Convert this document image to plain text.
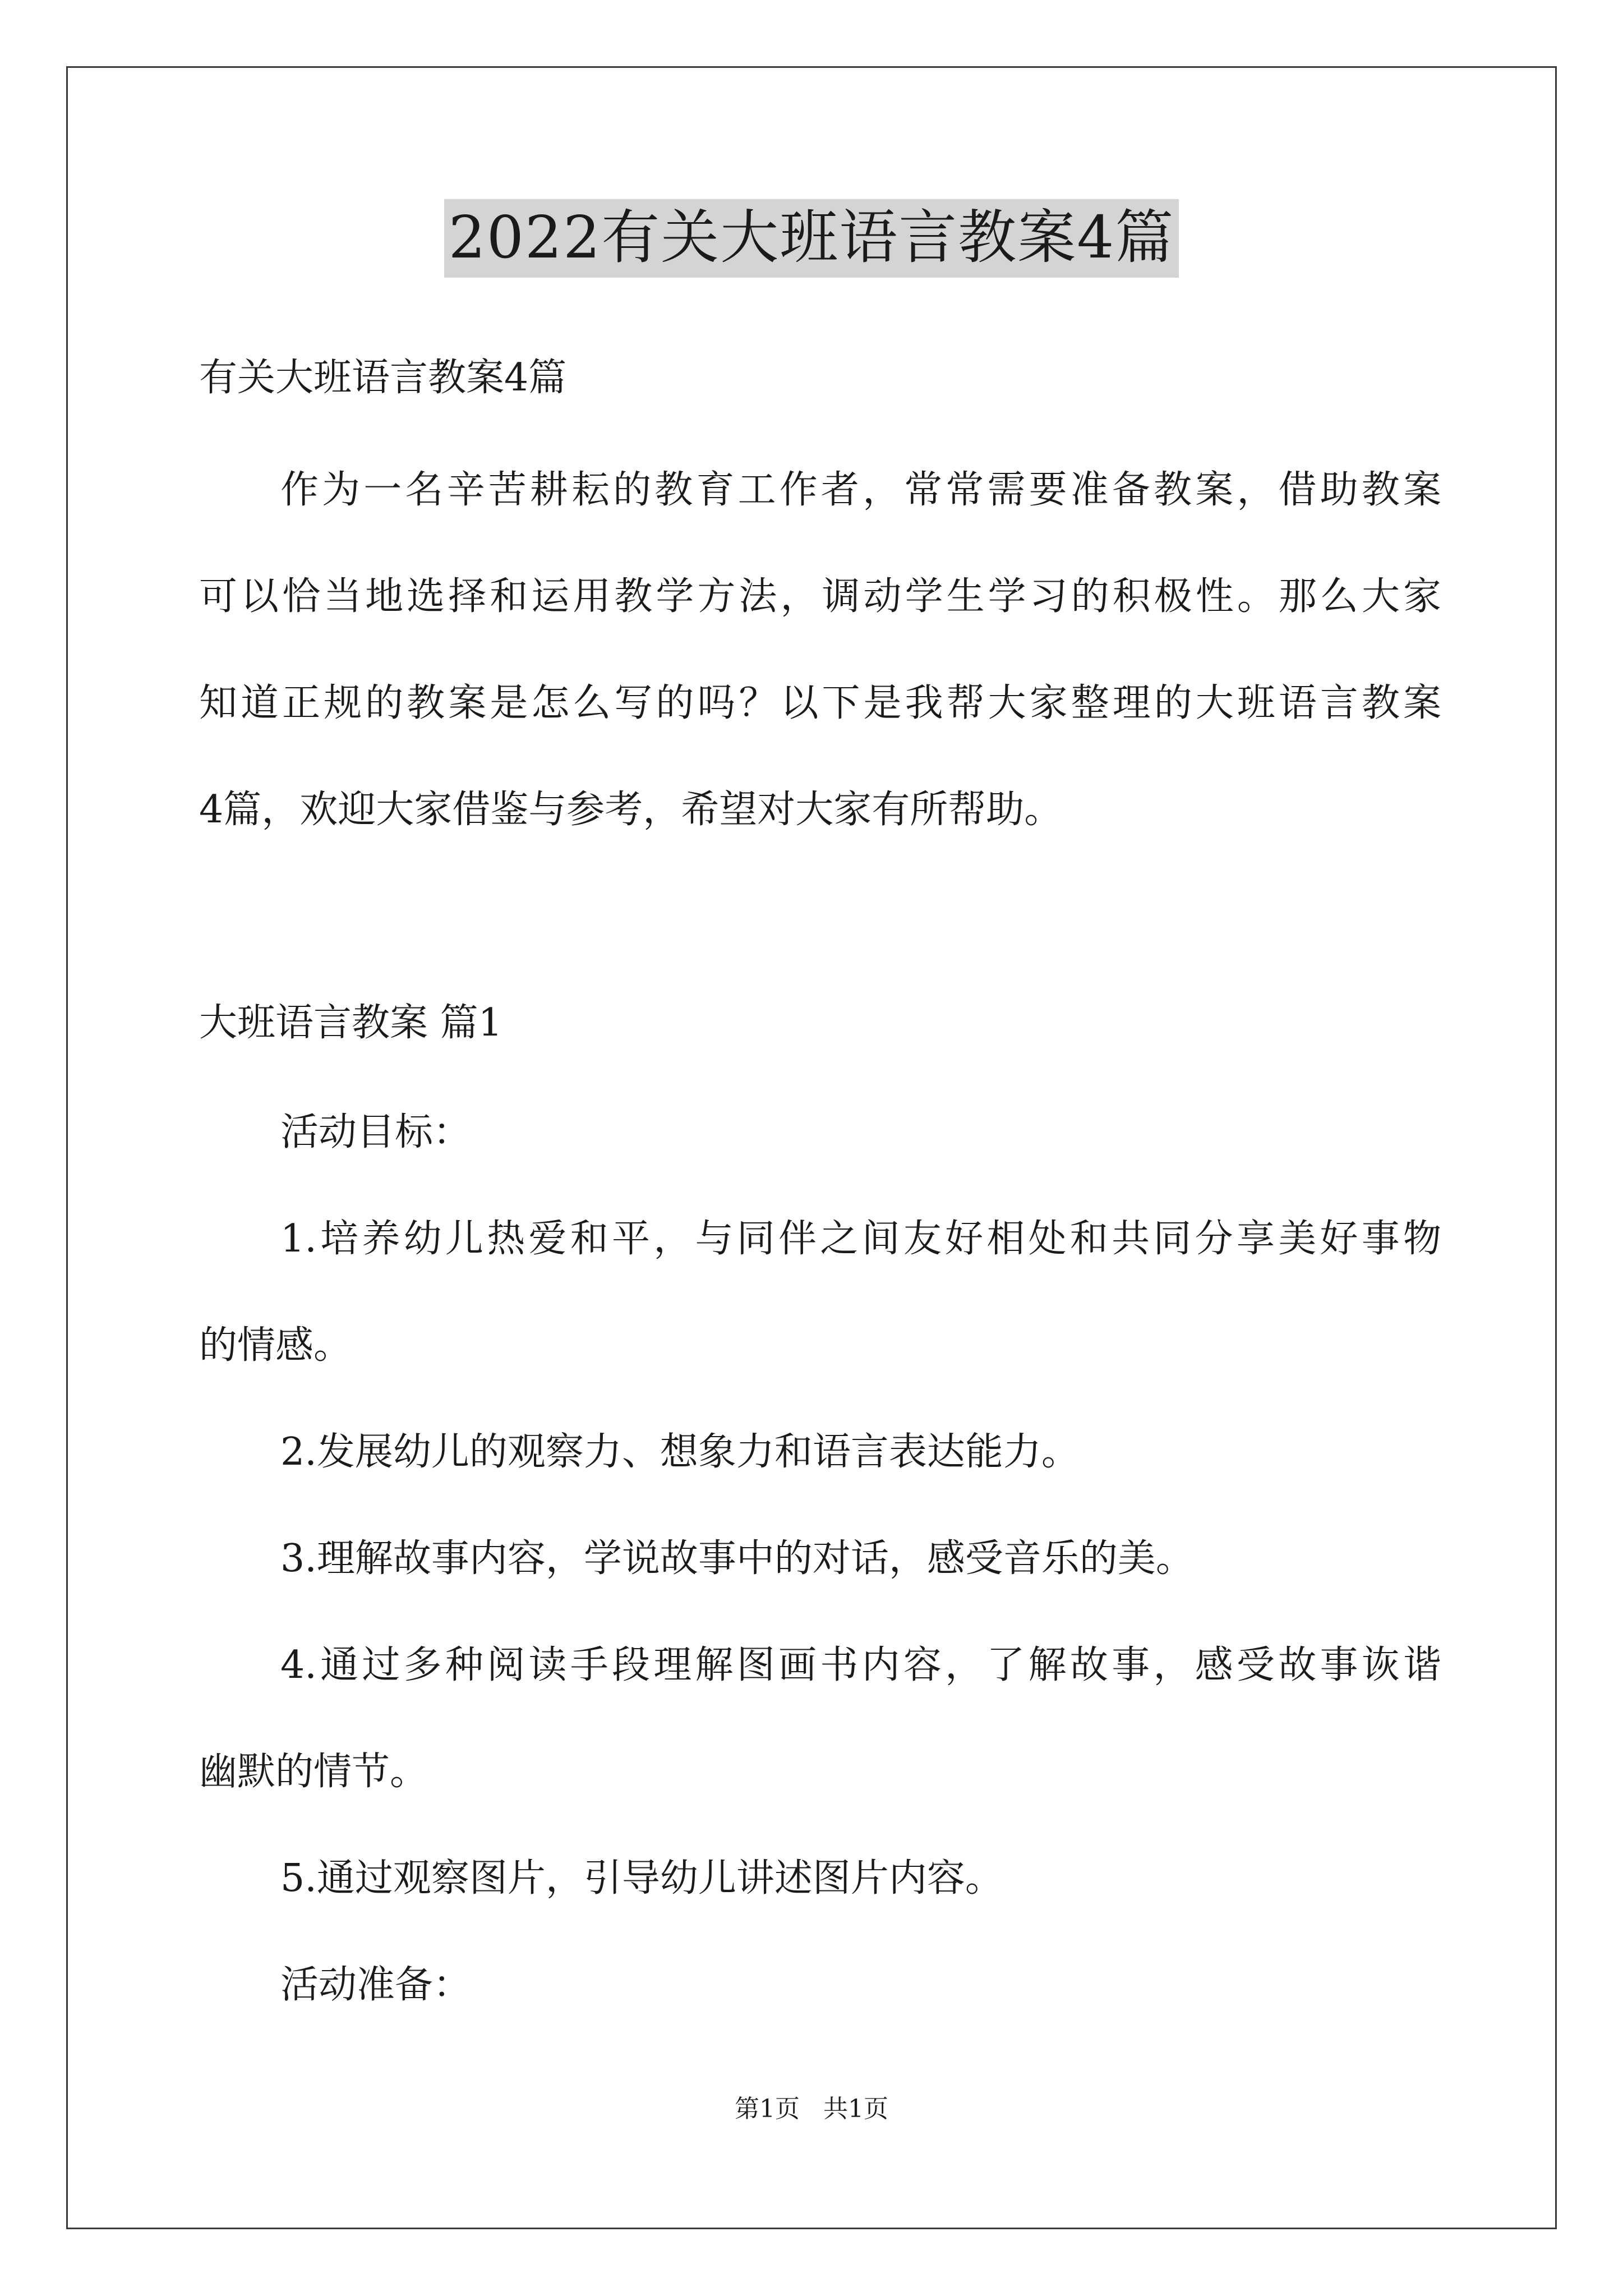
2022有关大班语言教案4篇
有关大班语言教案4篇
作为一名辛苦耕耘的教育工作者，常常需要准备教案，借助教案
可以恰当地选择和运用教学方法，调动学生学习的积极性。那么大家
知道正规的教案是怎么写的吗？以下是我帮大家整理的大班语言教案
4篇，欢迎大家借鉴与参考，希望对大家有所帮助。
大班语言教案 篇1
活动目标：
1.培养幼儿热爱和平，与同伴之间友好相处和共同分享美好事物
的情感。
2.发展幼儿的观察力、想象力和语言表达能力。
3.理解故事内容，学说故事中的对话，感受音乐的美。
4.通过多种阅读手段理解图画书内容，了解故事，感受故事诙谐
幽默的情节。
5.通过观察图片，引导幼儿讲述图片内容。
活动准备：
第1页 共1页
